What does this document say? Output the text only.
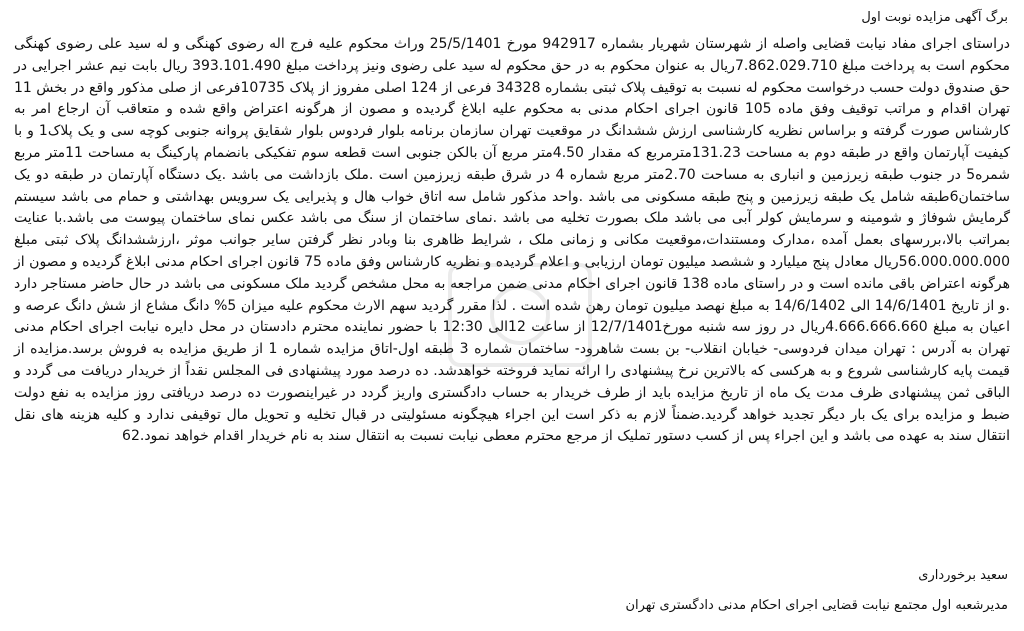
برگ آگهی مزایده نوبت اول

دراستای اجرای مفاد نیابت قضایی واصله از شهرستان شهریار بشماره 942917 مورخ 25/5/1401 وراث محکوم علیه فرج اله رضوی کهنگی و له سید علی رضوی کهنگی محکوم است به پرداخت مبلغ 7.862.029.710ریال به عنوان محکوم به در حق محکوم له سید علی رضوی ونیز پرداخت مبلغ 393.101.490 ریال بابت نیم عشر اجرایی در حق صندوق دولت حسب درخواست محکوم له نسبت به توقیف پلاک ثبتی بشماره 34328 فرعی از 124 اصلی مفروز از پلاک 10735فرعی از صلی مذکور واقع در بخش 11 تهران اقدام و مراتب توقیف وفق ماده 105 قانون اجرای احکام مدنی به محکوم علیه ابلاغ گردیده و مصون از هرگونه اعتراض واقع شده و متعاقب آن ارجاع امر به کارشناس صورت گرفته و براساس نظریه کارشناسی ارزش ششدانگ در موقعیت تهران سازمان برنامه بلوار فردوس بلوار شقایق پروانه جنوبی کوچه سی و یک پلاک1 و با کیفیت آپارتمان واقع در طبقه دوم به مساحت 131.23مترمربع که مقدار 4.50متر مربع آن بالکن جنوبی است قطعه سوم تفکیکی بانضمام پارکینگ به مساحت 11متر مربع شمره5 در جنوب طبقه زیرزمین و انباری به مساحت 2.70متر مربع شماره 4 در شرق طبقه زیرزمین است .ملک بازداشت می باشد .یک دستگاه آپارتمان در طبقه دو یک ساختمان6طبقه شامل یک طبقه زیرزمین و پنج طبقه مسکونی می باشد .واحد مذکور شامل سه اتاق خواب هال و پذیرایی یک سرویس بهداشتی و حمام می باشد سیستم گرمایش شوفاژ و شومینه و سرمایش کولر آبی می باشد ملک بصورت تخلیه می باشد .نمای ساختمان از سنگ می باشد عکس نمای ساختمان پیوست می باشد.با عنایت بمراتب بالا،بررسهای بعمل آمده ،مدارک ومستندات،موقعیت مکانی و زمانی ملک ، شرایط ظاهری بنا وبادر نظر گرفتن سایر جوانب موثر ،ارزششدانگ پلاک ثبتی مبلغ 56.000.000.000ریال معادل پنج میلیارد و ششصد میلیون تومان ارزیابی و اعلام گردیده و نظریه کارشناس وفق ماده 75 قانون اجرای احکام مدنی ابلاغ گردیده و مصون از هرگونه اعتراض باقی مانده است و در راستای ماده 138 قانون اجرای احکام مدنی ضمن مراجعه به محل مشخص گردید ملک مسکونی می باشد در حال حاضر مستاجر دارد .و از تاریخ 14/6/1401 الی 14/6/1402 به مبلغ نهصد میلیون تومان رهن شده است . لذا مقرر گردید سهم الارث محکوم علیه میزان 5% دانگ مشاع از شش دانگ عرصه و اعیان به مبلغ 4.666.666.660ریال در روز سه شنبه مورخ12/7/1401 از ساعت 12الی 12:30 با حضور نماینده محترم دادستان در محل دایره نیابت اجرای احکام مدنی تهران به آدرس : تهران میدان فردوسی- خیابان انقلاب- بن بست شاهرود- ساختمان شماره 3 طبقه اول-اتاق مزایده شماره 1 از طریق مزایده به فروش برسد.مزایده از قیمت پایه کارشناسی شروع و به هرکسی که بالاترین نرخ پیشنهادی را ارائه نماید فروخته خواهدشد. ده درصد مورد پیشنهادی فی المجلس نقداً از خریدار دریافت می گردد و الباقی ثمن پیشنهادی ظرف مدت یک ماه از تاریخ مزایده باید از طرف خریدار به حساب دادگستری واریز گردد در غیراینصورت ده درصد دریافتی روز مزایده به نفع دولت ضبط و مزایده برای یک بار دیگر تجدید خواهد گردید.ضمناً لازم به ذکر است این اجراء هیچگونه مسئولیتی در قبال تخلیه و تحویل مال توقیفی ندارد و کلیه هزینه های نقل انتقال سند به عهده می باشد و این اجراء پس از کسب دستور تملیک از مرجع محترم معطی نیابت نسبت به انتقال سند به نام خریدار اقدام خواهد نمود.62

سعید برخورداری

مدیرشعبه اول مجتمع نیابت قضایی اجرای احکام مدنی دادگستری تهران
